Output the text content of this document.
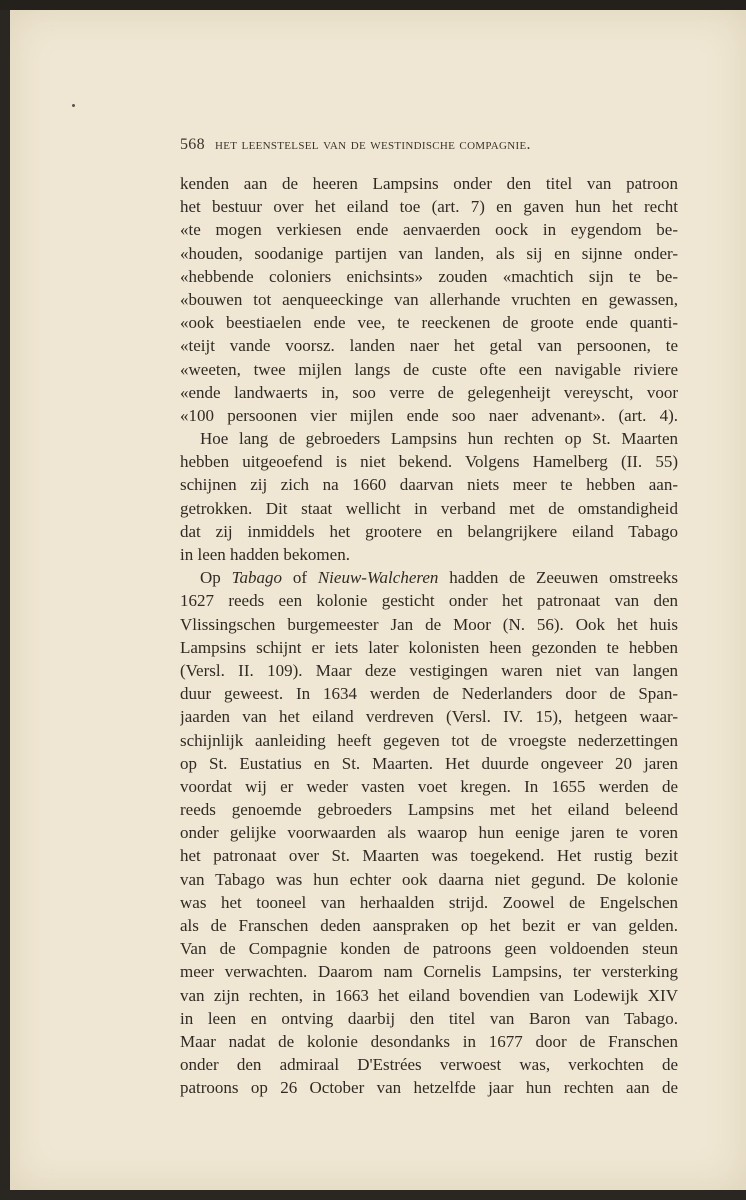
568 het leenstelsel van de westindische compagnie.
kenden aan de heeren Lampsins onder den titel van patroon
het bestuur over het eiland toe (art. 7) en gaven hun het recht
«te mogen verkiesen ende aenvaerden oock in eygendom be-
«houden, soodanige partijen van landen, als sij en sijnne onder-
«hebbende coloniers enichsints» zouden «machtich sijn te be-
«bouwen tot aenqueeckinge van allerhande vruchten en gewassen,
«ook beestiaelen ende vee, te reeckenen de groote ende quanti-
«teijt vande voorsz. landen naer het getal van persoonen, te
«weeten, twee mijlen langs de custe ofte een navigable riviere
«ende landwaerts in, soo verre de gelegenheijt vereyscht, voor
«100 persoonen vier mijlen ende soo naer advenant». (art. 4).
Hoe lang de gebroeders Lampsins hun rechten op St. Maarten
hebben uitgeoefend is niet bekend. Volgens Hamelberg (II. 55)
schijnen zij zich na 1660 daarvan niets meer te hebben aan-
getrokken. Dit staat wellicht in verband met de omstandigheid
dat zij inmiddels het grootere en belangrijkere eiland Tabago
in leen hadden bekomen.
Op Tabago of Nieuw-Walcheren hadden de Zeeuwen omstreeks
1627 reeds een kolonie gesticht onder het patronaat van den
Vlissingschen burgemeester Jan de Moor (N. 56). Ook het huis
Lampsins schijnt er iets later kolonisten heen gezonden te hebben
(Versl. II. 109). Maar deze vestigingen waren niet van langen
duur geweest. In 1634 werden de Nederlanders door de Span-
jaarden van het eiland verdreven (Versl. IV. 15), hetgeen waar-
schijnlijk aanleiding heeft gegeven tot de vroegste nederzettingen
op St. Eustatius en St. Maarten. Het duurde ongeveer 20 jaren
voordat wij er weder vasten voet kregen. In 1655 werden de
reeds genoemde gebroeders Lampsins met het eiland beleend
onder gelijke voorwaarden als waarop hun eenige jaren te voren
het patronaat over St. Maarten was toegekend. Het rustig bezit
van Tabago was hun echter ook daarna niet gegund. De kolonie
was het tooneel van herhaalden strijd. Zoowel de Engelschen
als de Franschen deden aanspraken op het bezit er van gelden.
Van de Compagnie konden de patroons geen voldoenden steun
meer verwachten. Daarom nam Cornelis Lampsins, ter versterking
van zijn rechten, in 1663 het eiland bovendien van Lodewijk XIV
in leen en ontving daarbij den titel van Baron van Tabago.
Maar nadat de kolonie desondanks in 1677 door de Franschen
onder den admiraal D'Estrées verwoest was, verkochten de
patroons op 26 October van hetzelfde jaar hun rechten aan de
